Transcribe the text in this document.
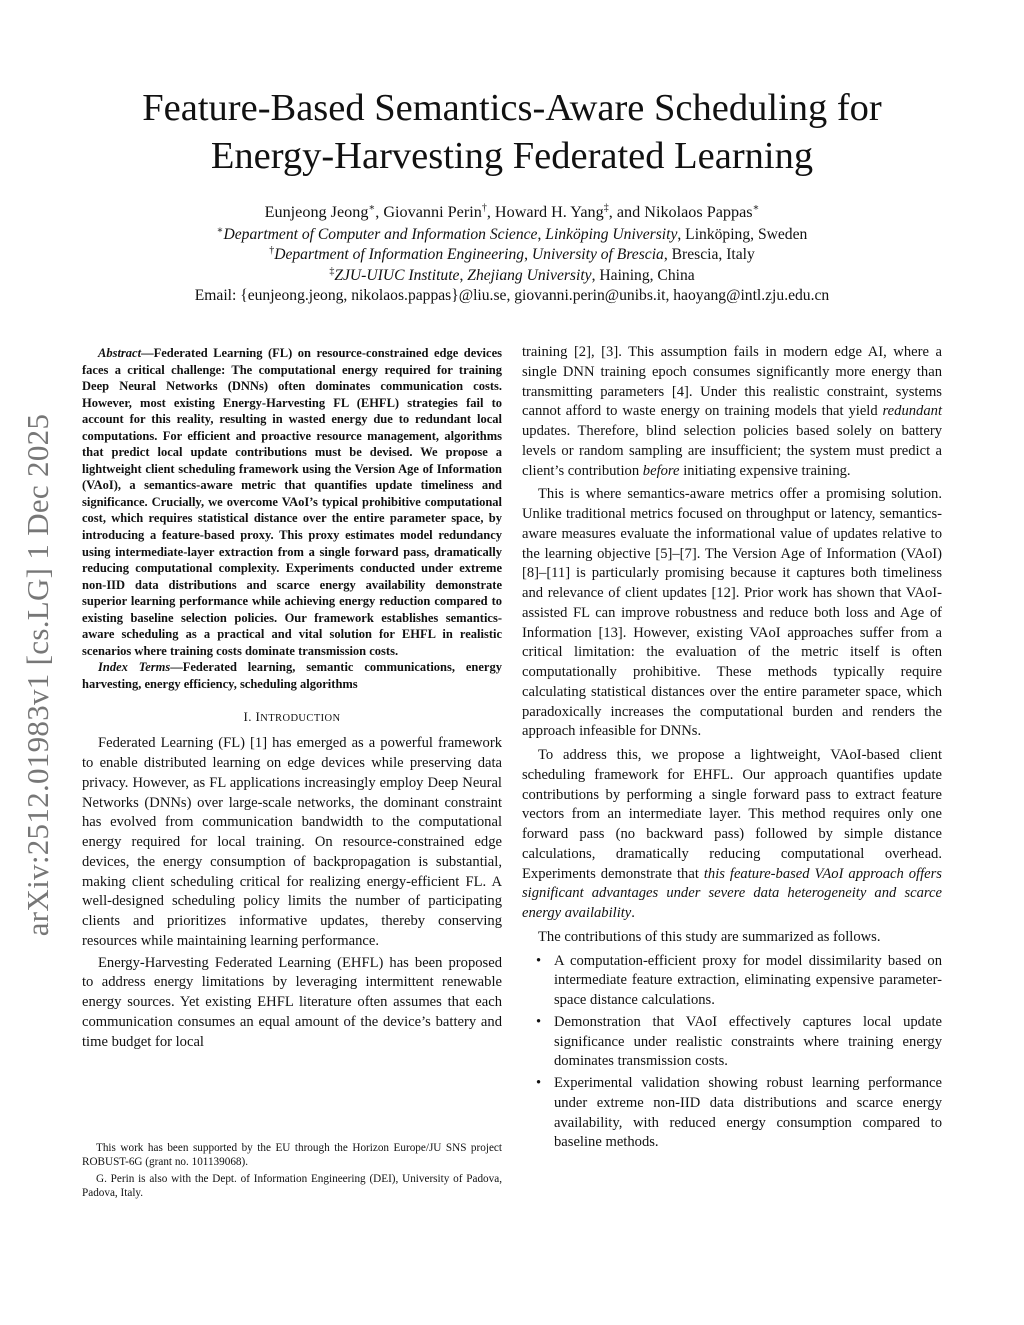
arXiv:2512.01983v1 [cs.LG] 1 Dec 2025
Feature-Based Semantics-Aware Scheduling for
Energy-Harvesting Federated Learning
Eunjeong Jeong∗, Giovanni Perin†, Howard H. Yang‡, and Nikolaos Pappas∗
∗Department of Computer and Information Science, Linköping University, Linköping, Sweden
†Department of Information Engineering, University of Brescia, Brescia, Italy
‡ZJU-UIUC Institute, Zhejiang University, Haining, China
Email: {eunjeong.jeong, nikolaos.pappas}@liu.se, giovanni.perin@unibs.it, haoyang@intl.zju.edu.cn

Abstract—Federated Learning (FL) on resource-constrained edge devices faces a critical challenge: The computational energy required for training Deep Neural Networks (DNNs) often dominates communication costs. However, most existing Energy-Harvesting FL (EHFL) strategies fail to account for this reality, resulting in wasted energy due to redundant local computations. For efficient and proactive resource management, algorithms that predict local update contributions must be devised. We propose a lightweight client scheduling framework using the Version Age of Information (VAoI), a semantics-aware metric that quantifies update timeliness and significance. Crucially, we overcome VAoI’s typical prohibitive computational cost, which requires statistical distance over the entire parameter space, by introducing a feature-based proxy. This proxy estimates model redundancy using intermediate-layer extraction from a single forward pass, dramatically reducing computational complexity. Experiments conducted under extreme non-IID data distributions and scarce energy availability demonstrate superior learning performance while achieving energy reduction compared to existing baseline selection policies. Our framework establishes semantics-aware scheduling as a practical and vital solution for EHFL in realistic scenarios where training costs dominate transmission costs.

Index Terms—Federated learning, semantic communications, energy harvesting, energy efficiency, scheduling algorithms

I. INTRODUCTION

Federated Learning (FL) [1] has emerged as a powerful framework to enable distributed learning on edge devices while preserving data privacy. However, as FL applications increasingly employ Deep Neural Networks (DNNs) over large-scale networks, the dominant constraint has evolved from communication bandwidth to the computational energy required for local training. On resource-constrained edge devices, the energy consumption of backpropagation is substantial, making client scheduling critical for realizing energy-efficient FL. A well-designed scheduling policy limits the number of participating clients and prioritizes informative updates, thereby conserving resources while maintaining learning performance.

Energy-Harvesting Federated Learning (EHFL) has been proposed to address energy limitations by leveraging intermittent renewable energy sources. Yet existing EHFL literature often assumes that each communication consumes an equal amount of the device’s battery and time budget for local

training [2], [3]. This assumption fails in modern edge AI, where a single DNN training epoch consumes significantly more energy than transmitting parameters [4]. Under this realistic constraint, systems cannot afford to waste energy on training models that yield redundant updates. Therefore, blind selection policies based solely on battery levels or random sampling are insufficient; the system must predict a client’s contribution before initiating expensive training.

This is where semantics-aware metrics offer a promising solution. Unlike traditional metrics focused on throughput or latency, semantics-aware measures evaluate the informational value of updates relative to the learning objective [5]–[7]. The Version Age of Information (VAoI) [8]–[11] is particularly promising because it captures both timeliness and relevance of client updates [12]. Prior work has shown that VAoI-assisted FL can improve robustness and reduce both loss and Age of Information [13]. However, existing VAoI approaches suffer from a critical limitation: the evaluation of the metric itself is often computationally prohibitive. These methods typically require calculating statistical distances over the entire parameter space, which paradoxically increases the computational burden and renders the approach infeasible for DNNs.

To address this, we propose a lightweight, VAoI-based client scheduling framework for EHFL. Our approach quantifies update contributions by performing a single forward pass to extract feature vectors from an intermediate layer. This method requires only one forward pass (no backward pass) followed by simple distance calculations, dramatically reducing computational overhead. Experiments demonstrate that this feature-based VAoI approach offers significant advantages under severe data heterogeneity and scarce energy availability.

The contributions of this study are summarized as follows.

• A computation-efficient proxy for model dissimilarity based on intermediate feature extraction, eliminating expensive parameter-space distance calculations.
• Demonstration that VAoI effectively captures local update significance under realistic constraints where training energy dominates transmission costs.
• Experimental validation showing robust learning performance under extreme non-IID data distributions and scarce energy availability, with reduced energy consumption compared to baseline methods.

This work has been supported by the EU through the Horizon Europe/JU SNS project ROBUST-6G (grant no. 101139068).

G. Perin is also with the Dept. of Information Engineering (DEI), University of Padova, Padova, Italy.
